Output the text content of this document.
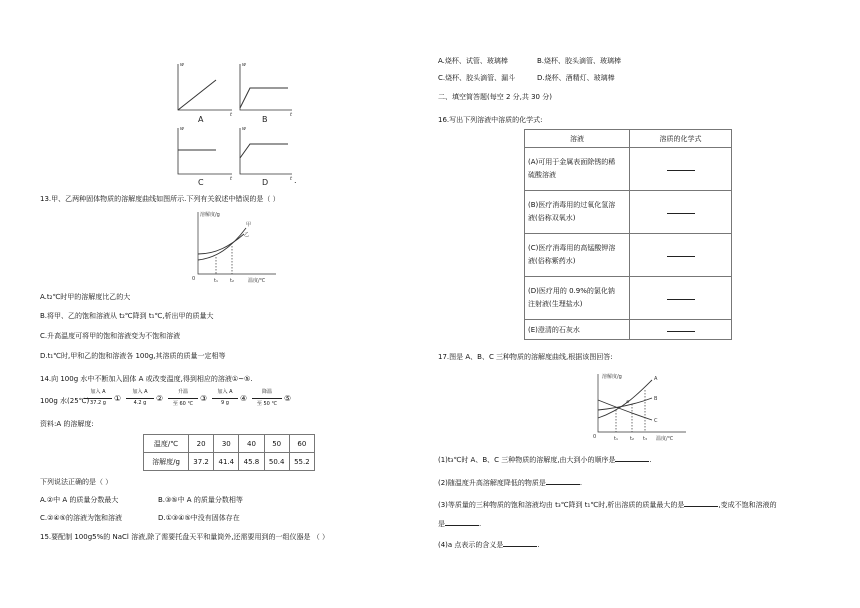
w
t
w
t
w
t
w
t
A	B
C	D	.
13.甲、乙两种固体物质的溶解度曲线如图所示.下列有关叙述中错误的是（ ）
溶解度/g
温度/℃
0	t₁ t₂
甲
乙
A.t₂℃时甲的溶解度比乙的大
B.将甲、乙的饱和溶液从 t₂℃降到 t₁℃,析出甲的质量大
C.升高温度可将甲的饱和溶液变为不饱和溶液
D.t₁℃时,甲和乙的饱和溶液各 100g,其溶质的质量一定相等
14.向 100g 水中不断加入固体 A 或改变温度,得到相应的溶液①~⑤.
100g 水(25℃)
加入 A
37.2 g	①
加入 A
4.2 g	②
升温
至 60 ℃
③
加入 A
9 g	④
降温
至 50 ℃
⑤
资料:A 的溶解度:
温度/℃	20	30	40	50	60
溶解度/g	37.2	41.4	45.8	50.4	55.2
下列说法正确的是（ ）
A.②中 A 的质量分数最大	B.③⑤中 A 的质量分数相等
C.②④⑤的溶液为饱和溶液	D.①③④⑤中没有固体存在
15.要配制 100g5%的 NaCl 溶液,除了需要托盘天平和量筒外,还需要用到的一组仪器是 （ ）
A.烧杯、试管、玻璃棒	B.烧杯、胶头滴管、玻璃棒
C.烧杯、胶头滴管、漏斗	D.烧杯、酒精灯、玻璃棒
二、填空简答题(每空 2 分,共 30 分)
16.写出下列溶液中溶质的化学式:
溶液	溶质的化学式

(A)可用于金属表面除锈的稀
硫酸溶液	

(B)医疗消毒用的过氧化氢溶
液(俗称双氧水)	

(C)医疗消毒用的高锰酸钾溶
液(俗称紫药水)	

(D)医疗用的 0.9%的氯化钠
注射液(生理盐水)	

(E)澄清的石灰水	
17.图是 A、B、C 三种物质的溶解度曲线,根据该图回答:
溶解度/g
温度/℃
0	t₁ t₂ t₃
A
B
C
a
(1)t₃℃时 A、B、C 三种物质的溶解度,由大到小的顺序是	.
(2)随温度升高溶解度降低的物质是	.
(3)等质量的三种物质的饱和溶液均由 t₃℃降到 t₁℃时,析出溶质的质量最大的是	,变成不饱和溶液的
是	.
(4)a 点表示的含义是	.
